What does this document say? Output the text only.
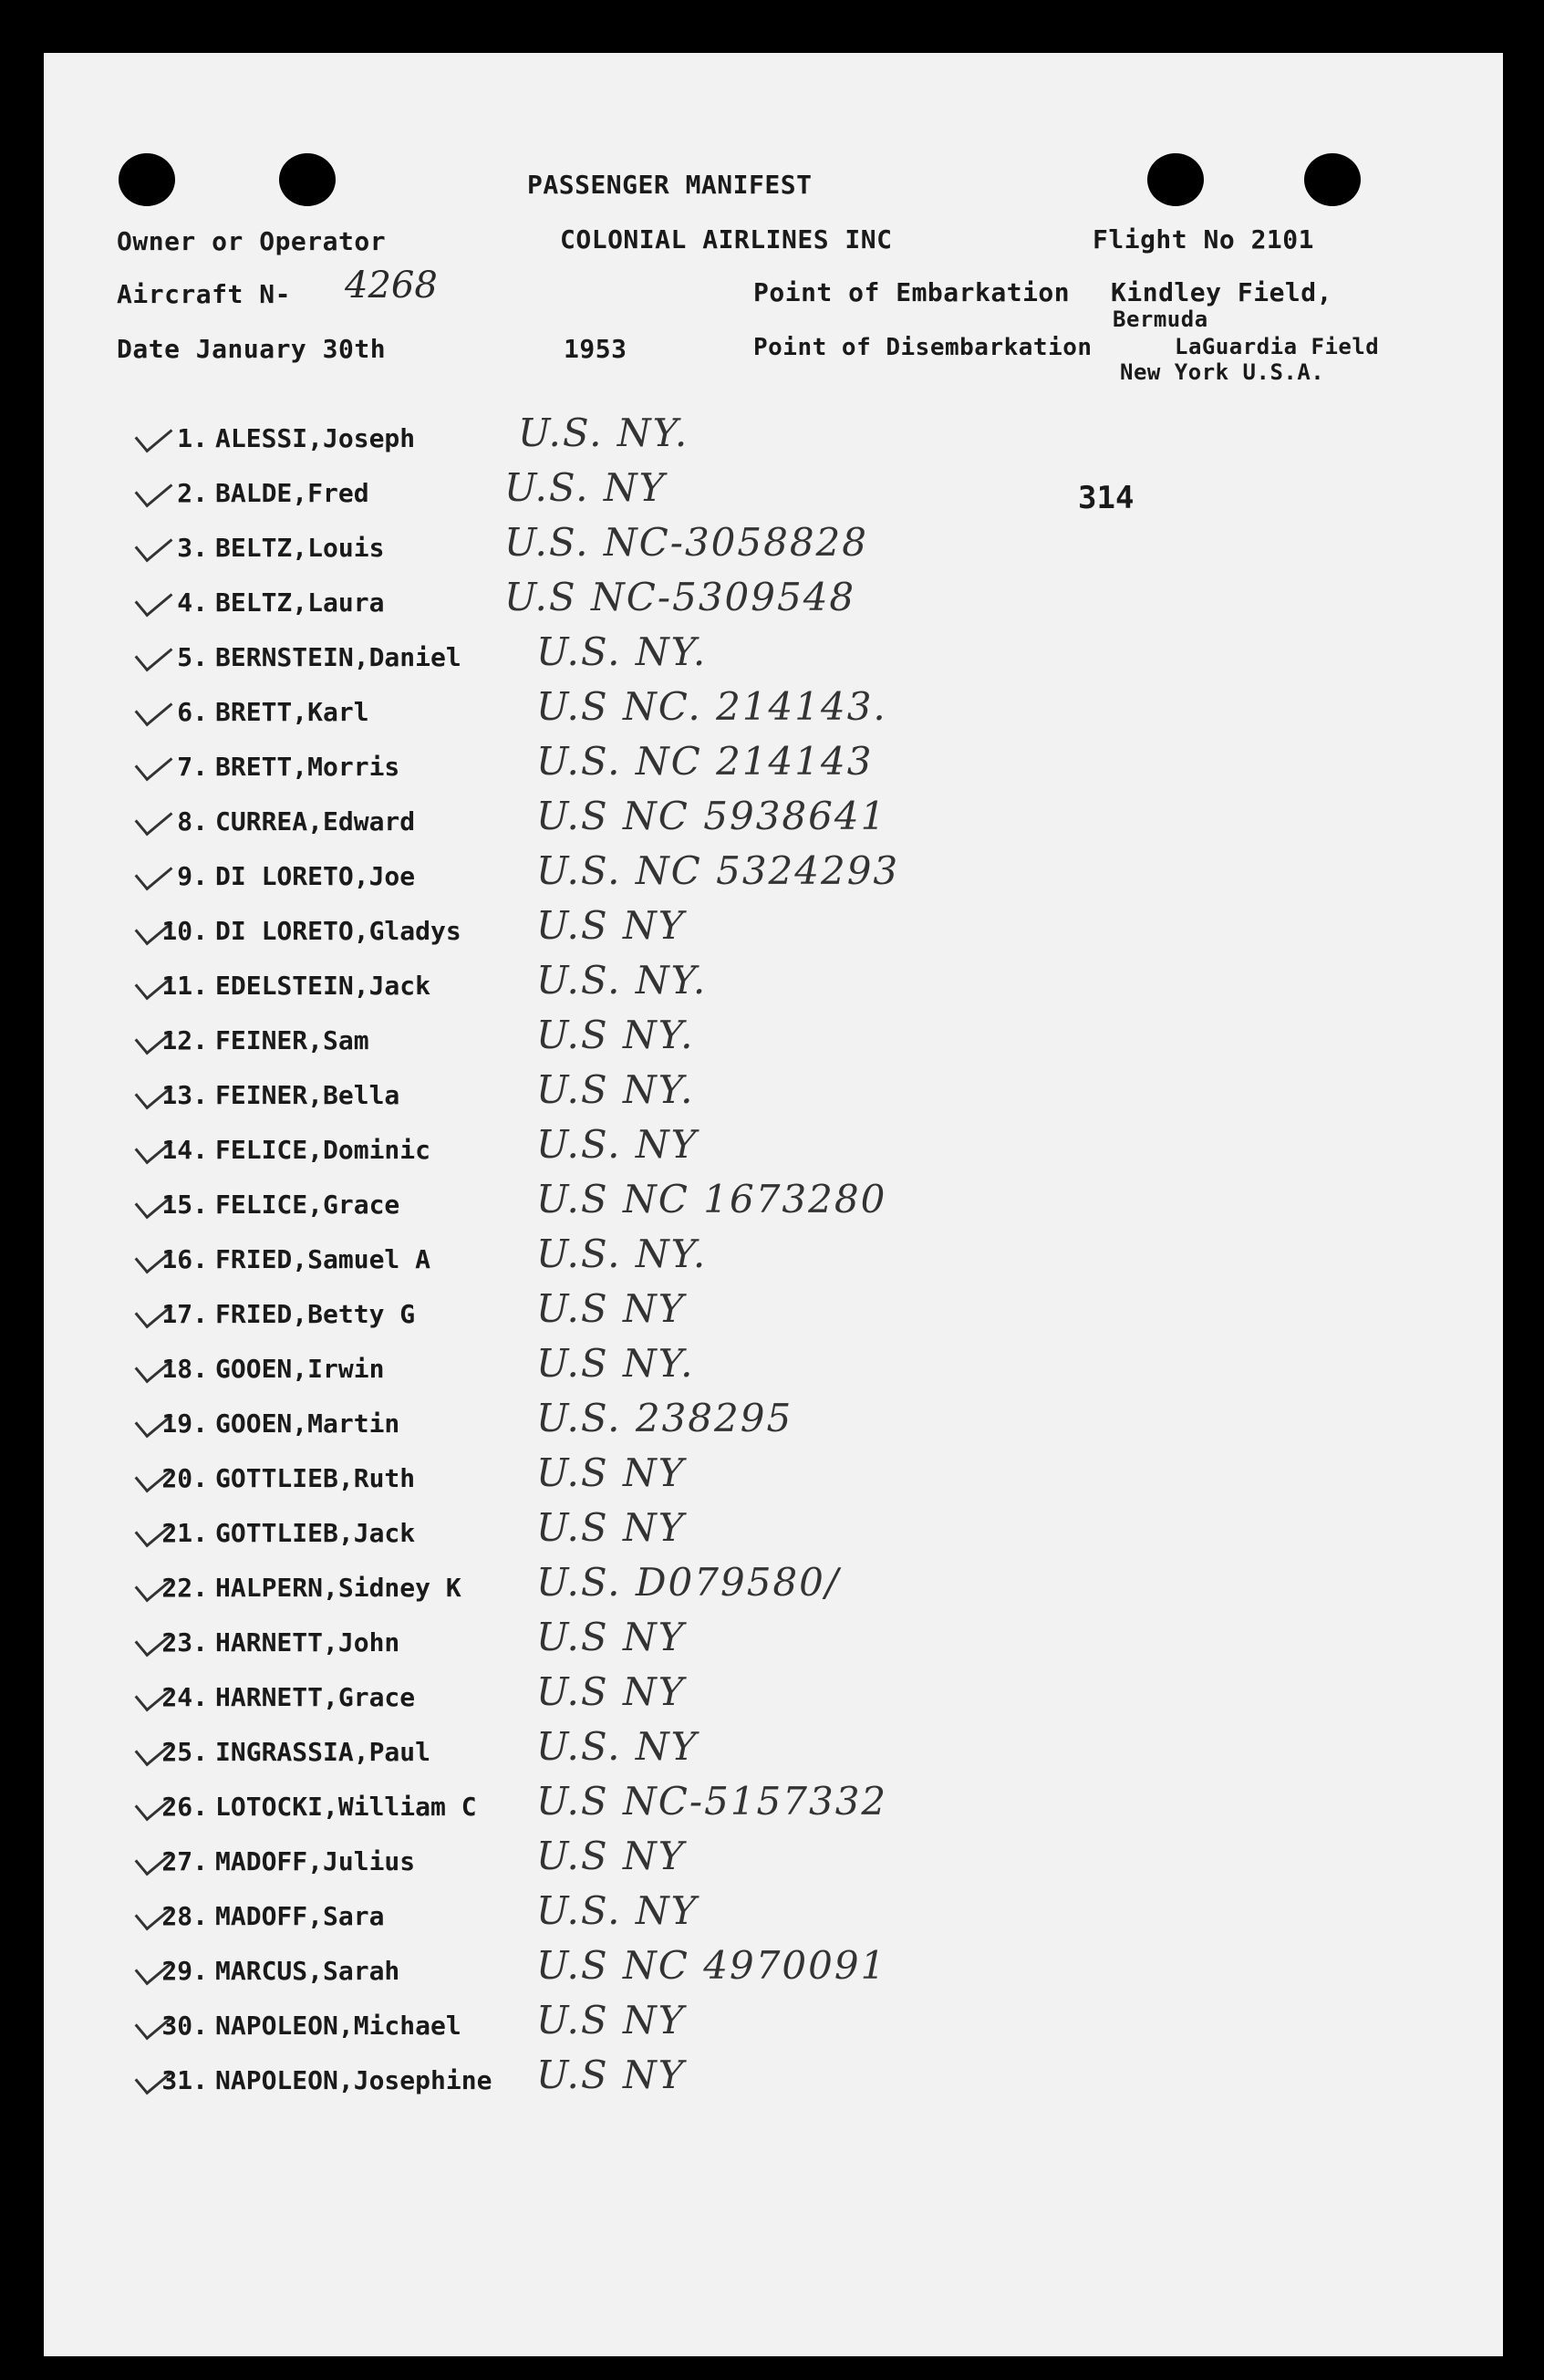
PASSENGER MANIFEST
Owner or Operator	COLONIAL AIRLINES INC	Flight No 2101
Aircraft N- 4268	Point of Embarkation Kindley Field,
Bermuda
Date January 30th	1953	Point of Disembarkation	LaGuardia Field
New York U.S.A.
314
1. ALESSI,Joseph	U.S. NY.
2. BALDE,Fred	U.S. NY
3. BELTZ,Louis	U.S. NC-3058828
4. BELTZ,Laura	U.S NC-5309548
5. BERNSTEIN,Daniel U.S. NY.
6. BRETT,Karl	U.S NC. 214143.
7. BRETT,Morris	U.S. NC 214143
8. CURREA,Edward	U.S NC 5938641
9. DI LORETO,Joe	U.S. NC 5324293
10. DI LORETO,Gladys U.S NY
11. EDELSTEIN,Jack	U.S. NY.
12. FEINER,Sam	U.S NY.
13. FEINER,Bella	U.S NY.
14. FELICE,Dominic	U.S. NY
15. FELICE,Grace	U.S NC 1673280
16. FRIED,Samuel A	U.S. NY.
17. FRIED,Betty G	U.S NY
18. GOOEN,Irwin	U.S NY.
19. GOOEN,Martin	U.S. 238295
20. GOTTLIEB,Ruth	U.S NY
21. GOTTLIEB,Jack	U.S NY
22. HALPERN,Sidney K U.S. D079580/
23. HARNETT,John	U.S NY
24. HARNETT,Grace	U.S NY
25. INGRASSIA,Paul	U.S. NY
26. LOTOCKI,William C U.S NC-5157332
27. MADOFF,Julius	U.S NY
28. MADOFF,Sara	U.S. NY
29. MARCUS,Sarah	U.S NC 4970091
30. NAPOLEON,Michael U.S NY
31. NAPOLEON,Josephine U.S NY
